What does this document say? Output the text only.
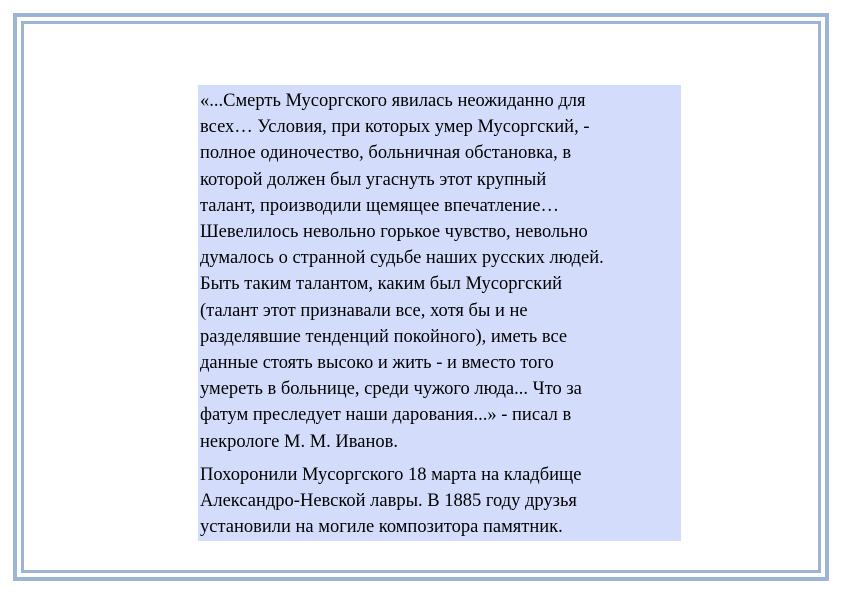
«...Смерть Мусоргского явилась неожиданно для
всех… Условия, при которых умер Мусоргский, -
полное одиночество, больничная обстановка, в
которой должен был угаснуть этот крупный
талант, производили щемящее впечатление…
Шевелилось невольно горькое чувство, невольно
думалось о странной судьбе наших русских людей.
Быть таким талантом, каким был Мусоргский
(талант этот признавали все, хотя бы и не
разделявшие тенденций покойного), иметь все
данные стоять высоко и жить - и вместо того
умереть в больнице, среди чужого люда... Что за
фатум преследует наши дарования...» - писал в
некрологе М. М. Иванов.
Похоронили Мусоргского 18 марта на кладбище
Александро-Невской лавры. В 1885 году друзья
установили на могиле композитора памятник.
